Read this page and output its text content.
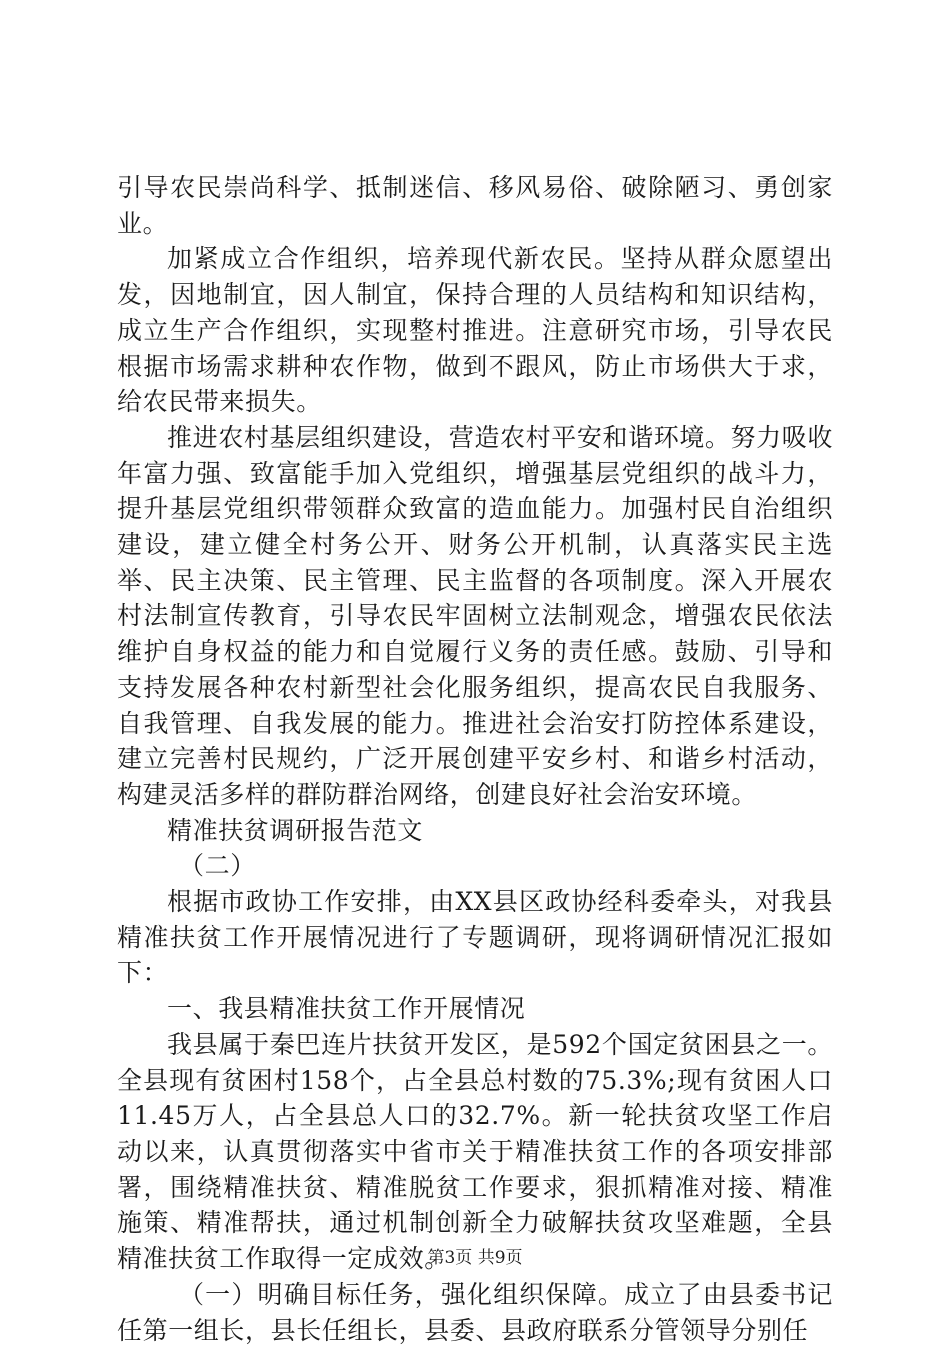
引导农民崇尚科学、抵制迷信、移风易俗、破除陋习、勇创家业。

加紧成立合作组织，培养现代新农民。坚持从群众愿望出发，因地制宜，因人制宜，保持合理的人员结构和知识结构，成立生产合作组织，实现整村推进。注意研究市场，引导农民根据市场需求耕种农作物，做到不跟风，防止市场供大于求，给农民带来损失。

推进农村基层组织建设，营造农村平安和谐环境。努力吸收年富力强、致富能手加入党组织，增强基层党组织的战斗力，提升基层党组织带领群众致富的造血能力。加强村民自治组织建设，建立健全村务公开、财务公开机制，认真落实民主选举、民主决策、民主管理、民主监督的各项制度。深入开展农村法制宣传教育，引导农民牢固树立法制观念，增强农民依法维护自身权益的能力和自觉履行义务的责任感。鼓励、引导和支持发展各种农村新型社会化服务组织，提高农民自我服务、自我管理、自我发展的能力。推进社会治安打防控体系建设，建立完善村民规约，广泛开展创建平安乡村、和谐乡村活动，构建灵活多样的群防群治网络，创建良好社会治安环境。

精准扶贫调研报告范文

（二）

根据市政协工作安排，由XX县区政协经科委牵头，对我县精准扶贫工作开展情况进行了专题调研，现将调研情况汇报如下：

一、我县精准扶贫工作开展情况

我县属于秦巴连片扶贫开发区，是592个国定贫困县之一。全县现有贫困村158个，占全县总村数的75.3%;现有贫困人口11.45万人，占全县总人口的32.7%。新一轮扶贫攻坚工作启动以来，认真贯彻落实中省市关于精准扶贫工作的各项安排部署，围绕精准扶贫、精准脱贫工作要求，狠抓精准对接、精准施策、精准帮扶，通过机制创新全力破解扶贫攻坚难题，全县精准扶贫工作取得一定成效。

（一）明确目标任务，强化组织保障。成立了由县委书记任第一组长，县长任组长，县委、县政府联系分管领导分别任

第3页 共9页
